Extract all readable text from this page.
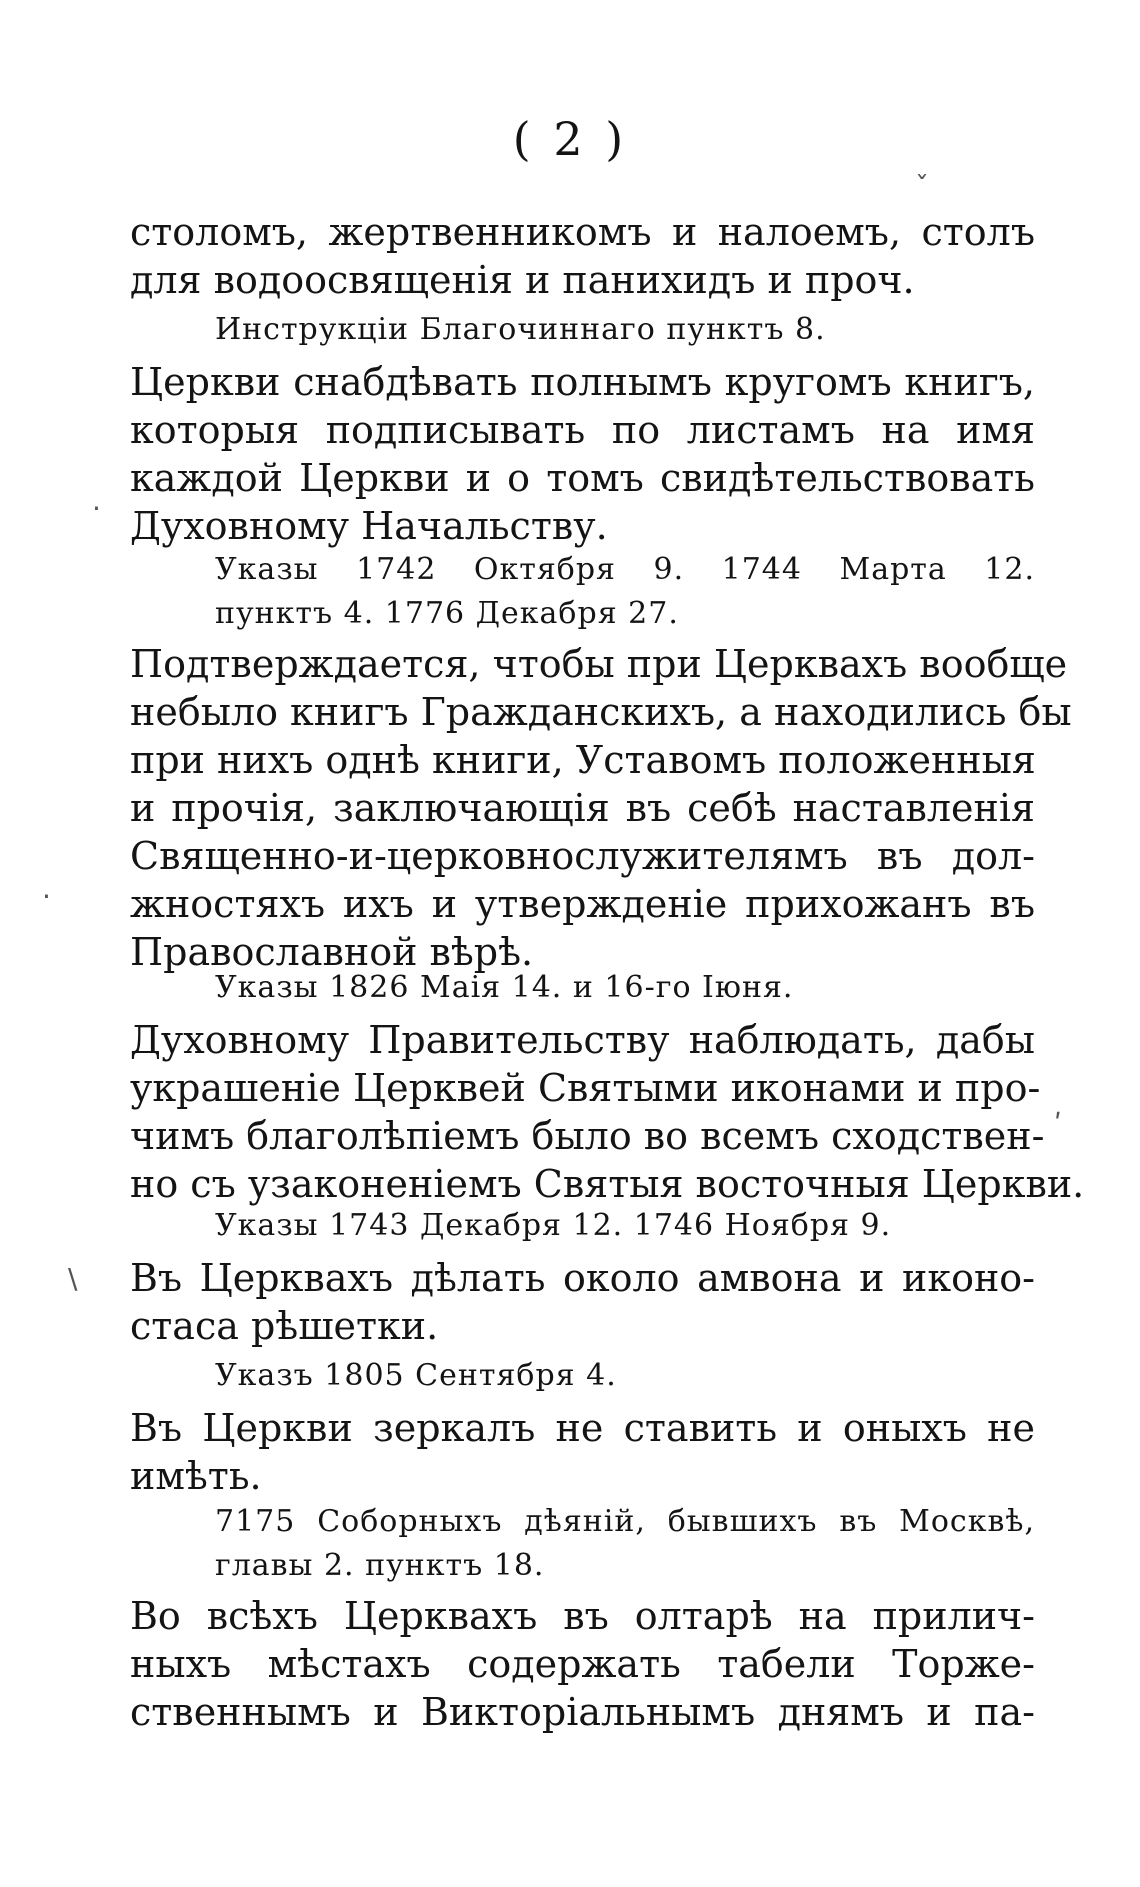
( 2 )
столомъ, жертвенникомъ и налоемъ, столъ
для водоосвященія и панихидъ и проч.
Инструкціи Благочиннаго пунктъ 8.
Церкви снабдѣвать полнымъ кругомъ книгъ,
которыя подписывать по листамъ на имя
каждой Церкви и о томъ свидѣтельствовать
Духовному Начальству.
Указы 1742 Октября 9. 1744 Марта 12.
пунктъ 4. 1776 Декабря 27.
Подтверждается, чтобы при Церквахъ вообще
небыло книгъ Гражданскихъ, а находились бы
при нихъ однѣ книги, Уставомъ положенныя
и прочія, заключающія въ себѣ наставленія
Священно-и-церковнослужителямъ въ дол-
жностяхъ ихъ и утвержденіе прихожанъ въ
Православной вѣрѣ.
Указы 1826 Маія 14. и 16-го Іюня.
Духовному Правительству наблюдать, дабы
украшеніе Церквей Святыми иконами и про-
чимъ благолѣпіемъ было во всемъ сходствен-
но съ узаконеніемъ Святыя восточныя Церкви.
Указы 1743 Декабря 12. 1746 Ноября 9.
Въ Церквахъ дѣлать около амвона и иконо-
стаса рѣшетки.
Указъ 1805 Сентября 4.
Въ Церкви зеркалъ не ставить и оныхъ не
имѣть.
7175 Соборныхъ дѣяній, бывшихъ въ Москвѣ,
главы 2. пунктъ 18.
Во всѣхъ Церквахъ въ олтарѣ на прилич-
ныхъ мѣстахъ содержать табели Торже-
ственнымъ и Викторіальнымъ днямъ и па-
ˇ
·
·
ʹ
\
